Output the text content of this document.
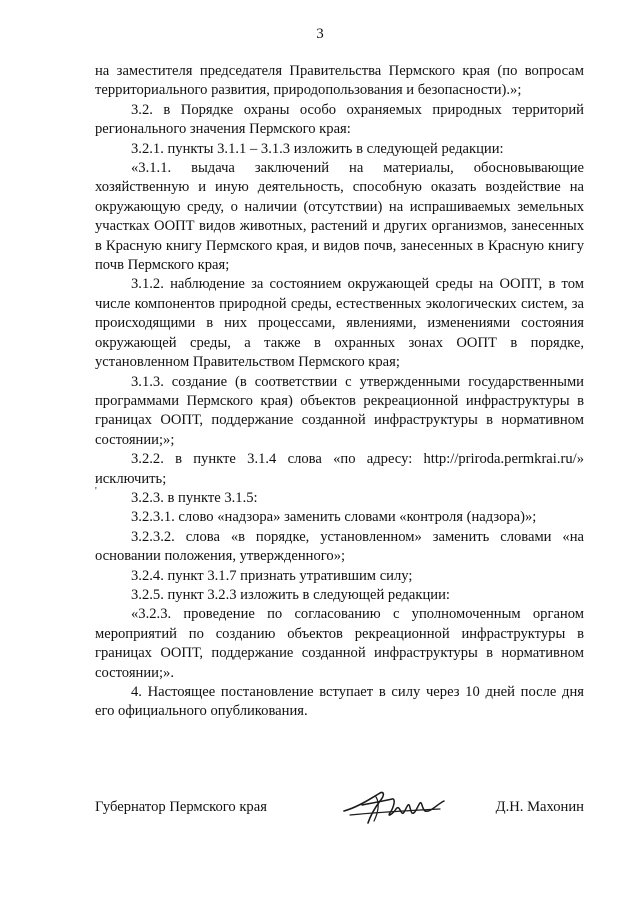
3

на заместителя председателя Правительства Пермского края (по вопросам территориального развития, природопользования и безопасности).»;

3.2. в Порядке охраны особо охраняемых природных территорий регионального значения Пермского края:

3.2.1. пункты 3.1.1 – 3.1.3 изложить в следующей редакции:

«3.1.1. выдача заключений на материалы, обосновывающие хозяйственную и иную деятельность, способную оказать воздействие на окружающую среду, о наличии (отсутствии) на испрашиваемых земельных участках ООПТ видов животных, растений и других организмов, занесенных в Красную книгу Пермского края, и видов почв, занесенных в Красную книгу почв Пермского края;

3.1.2. наблюдение за состоянием окружающей среды на ООПТ, в том числе компонентов природной среды, естественных экологических систем, за происходящими в них процессами, явлениями, изменениями состояния окружающей среды, а также в охранных зонах ООПТ в порядке, установленном Правительством Пермского края;

3.1.3. создание (в соответствии с утвержденными государственными программами Пермского края) объектов рекреационной инфраструктуры в границах ООПТ, поддержание созданной инфраструктуры в нормативном состоянии;»;

3.2.2. в пункте 3.1.4 слова «по адресу: http://priroda.permkrai.ru/» исключить;

3.2.3. в пункте 3.1.5:

3.2.3.1. слово «надзора» заменить словами «контроля (надзора)»;

3.2.3.2. слова «в порядке, установленном» заменить словами «на основании положения, утвержденного»;

3.2.4. пункт 3.1.7 признать утратившим силу;

3.2.5. пункт 3.2.3 изложить в следующей редакции:

«3.2.3. проведение по согласованию с уполномоченным органом мероприятий по созданию объектов рекреационной инфраструктуры в границах ООПТ, поддержание созданной инфраструктуры в нормативном состоянии;».

4. Настоящее постановление вступает в силу через 10 дней после дня его официального опубликования.

'
Губернатор Пермского края	Д.Н. Махонин
